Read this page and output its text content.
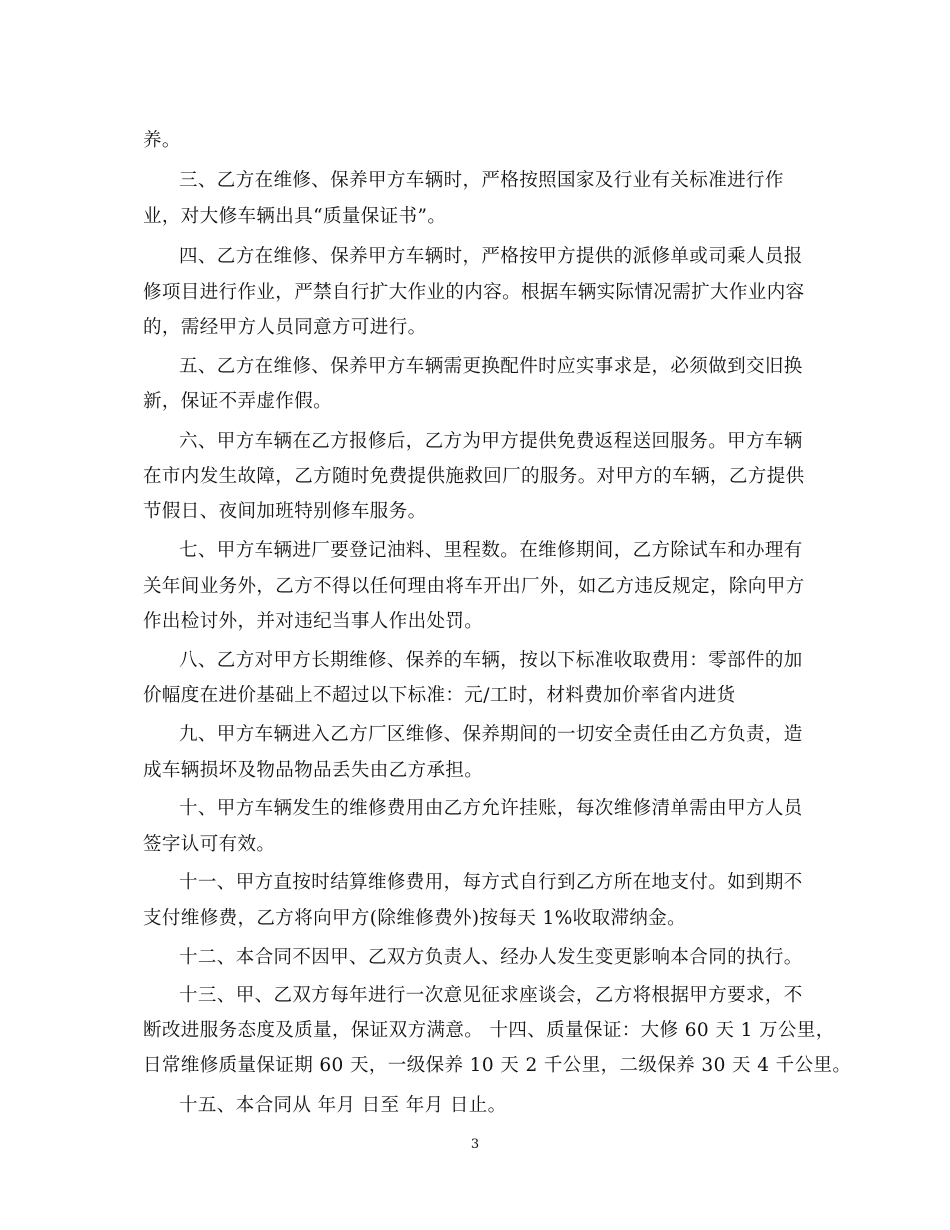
养。
三、乙方在维修、保养甲方车辆时，严格按照国家及行业有关标准进行作
业，对大修车辆出具“质量保证书”。
四、乙方在维修、保养甲方车辆时，严格按甲方提供的派修单或司乘人员报
修项目进行作业，严禁自行扩大作业的内容。根据车辆实际情况需扩大作业内容
的，需经甲方人员同意方可进行。
五、乙方在维修、保养甲方车辆需更换配件时应实事求是，必须做到交旧换
新，保证不弄虚作假。
六、甲方车辆在乙方报修后，乙方为甲方提供免费返程送回服务。甲方车辆
在市内发生故障，乙方随时免费提供施救回厂的服务。对甲方的车辆，乙方提供
节假日、夜间加班特别修车服务。
七、甲方车辆进厂要登记油料、里程数。在维修期间，乙方除试车和办理有
关年间业务外，乙方不得以任何理由将车开出厂外，如乙方违反规定，除向甲方
作出检讨外，并对违纪当事人作出处罚。
八、乙方对甲方长期维修、保养的车辆，按以下标准收取费用：零部件的加
价幅度在进价基础上不超过以下标准：元/工时，材料费加价率省内进货
九、甲方车辆进入乙方厂区维修、保养期间的一切安全责任由乙方负责，造
成车辆损坏及物品物品丢失由乙方承担。
十、甲方车辆发生的维修费用由乙方允许挂账，每次维修清单需由甲方人员
签字认可有效。
十一、甲方直按时结算维修费用，每方式自行到乙方所在地支付。如到期不
支付维修费，乙方将向甲方(除维修费外)按每天 1%收取滞纳金。
十二、本合同不因甲、乙双方负责人、经办人发生变更影响本合同的执行。
十三、甲、乙双方每年进行一次意见征求座谈会，乙方将根据甲方要求，不
断改进服务态度及质量，保证双方满意。 十四、质量保证：大修 60 天 1 万公里，
日常维修质量保证期 60 天，一级保养 10 天 2 千公里，二级保养 30 天 4 千公里。
十五、本合同从 年月 日至 年月 日止。
3
